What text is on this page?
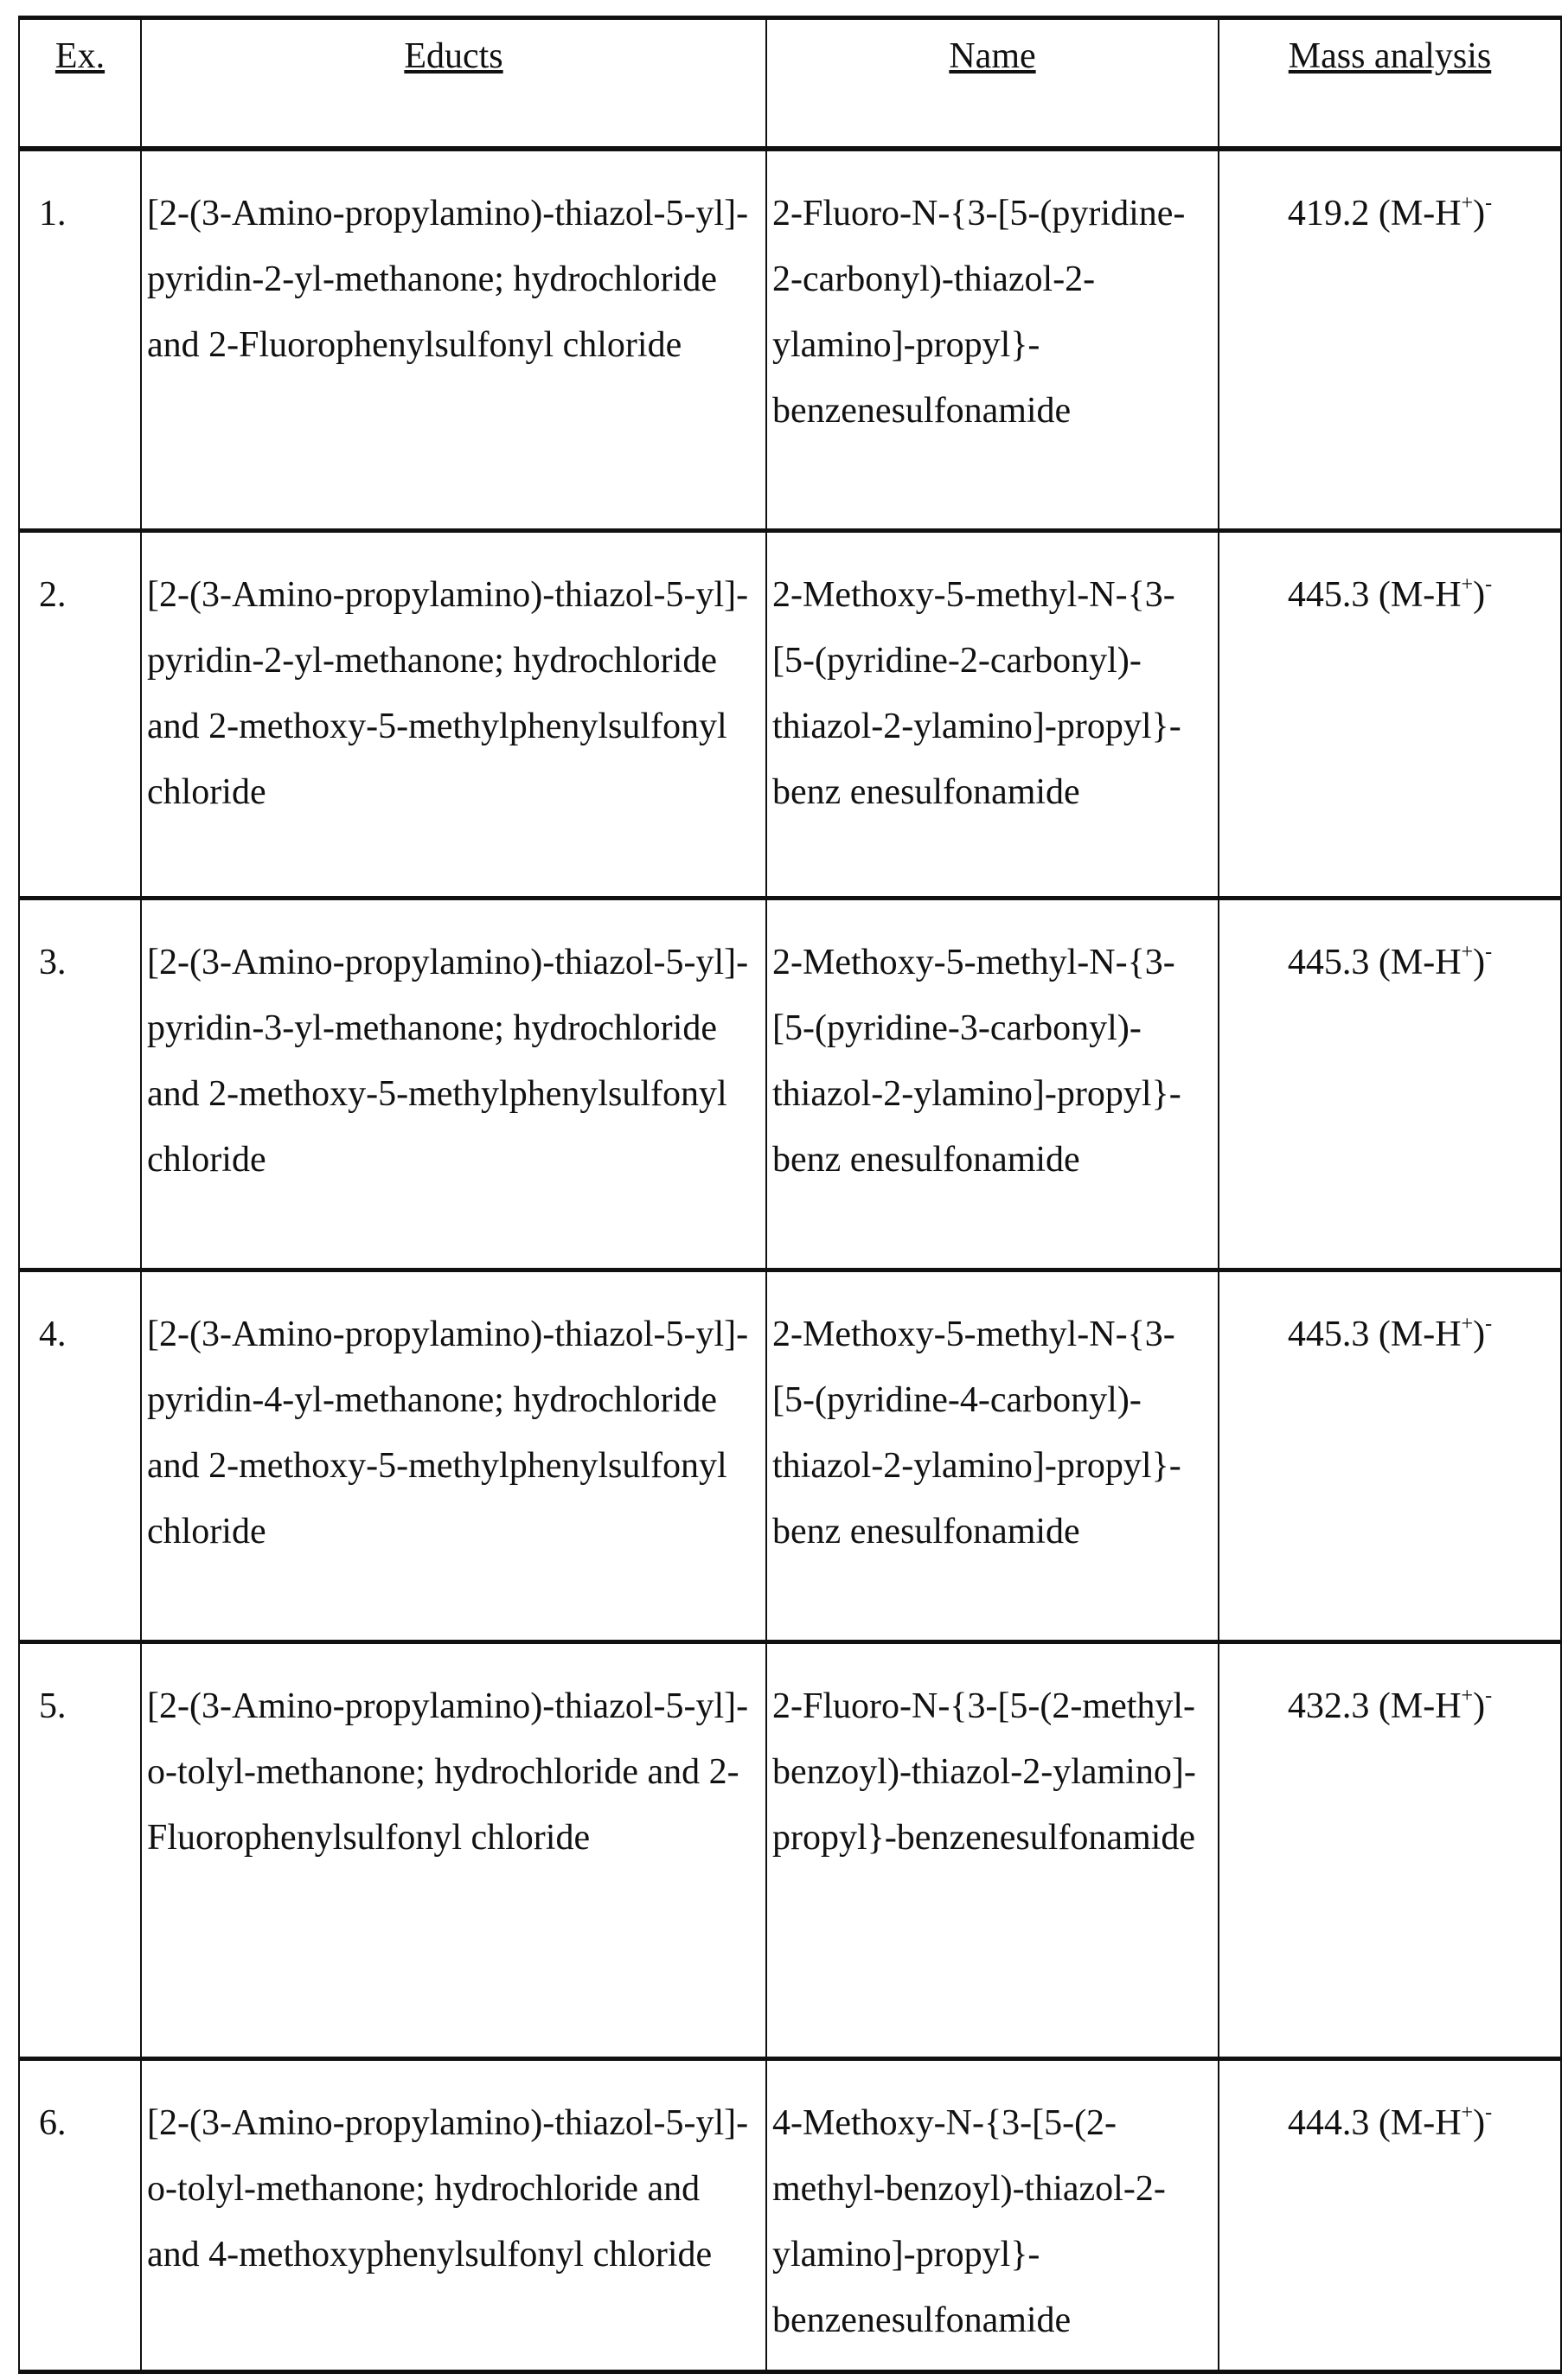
Ex.	Educts	Name	Mass analysis
1.	[2-(3-Amino-propylamino)-thiazol-5-yl]-pyridin-2-yl-methanone; hydrochloride and 2-Fluorophenylsulfonyl chloride	2-Fluoro-N-{3-[5-(pyridine-2-carbonyl)-thiazol-2-ylamino]-propyl}-benzenesulfonamide	419.2 (M-H+)-
2.	[2-(3-Amino-propylamino)-thiazol-5-yl]-pyridin-2-yl-methanone; hydrochloride and 2-methoxy-5-methylphenylsulfonyl chloride	2-Methoxy-5-methyl-N-{3-[5-(pyridine-2-carbonyl)-thiazol-2-ylamino]-propyl}-benz enesulfonamide	445.3 (M-H+)-
3.	[2-(3-Amino-propylamino)-thiazol-5-yl]-pyridin-3-yl-methanone; hydrochloride and 2-methoxy-5-methylphenylsulfonyl chloride	2-Methoxy-5-methyl-N-{3-[5-(pyridine-3-carbonyl)-thiazol-2-ylamino]-propyl}-benz enesulfonamide	445.3 (M-H+)-
4.	[2-(3-Amino-propylamino)-thiazol-5-yl]-pyridin-4-yl-methanone; hydrochloride and 2-methoxy-5-methylphenylsulfonyl chloride	2-Methoxy-5-methyl-N-{3-[5-(pyridine-4-carbonyl)-thiazol-2-ylamino]-propyl}-benz enesulfonamide	445.3 (M-H+)-
5.	[2-(3-Amino-propylamino)-thiazol-5-yl]-o-tolyl-methanone; hydrochloride and 2-Fluorophenylsulfonyl chloride	2-Fluoro-N-{3-[5-(2-methyl-benzoyl)-thiazol-2-ylamino]-propyl}-benzenesulfonamide	432.3 (M-H+)-
6.	[2-(3-Amino-propylamino)-thiazol-5-yl]-o-tolyl-methanone; hydrochloride and and 4-methoxyphenylsulfonyl chloride	4-Methoxy-N-{3-[5-(2-methyl-benzoyl)-thiazol-2-ylamino]-propyl}-benzenesulfonamide	444.3 (M-H+)-
